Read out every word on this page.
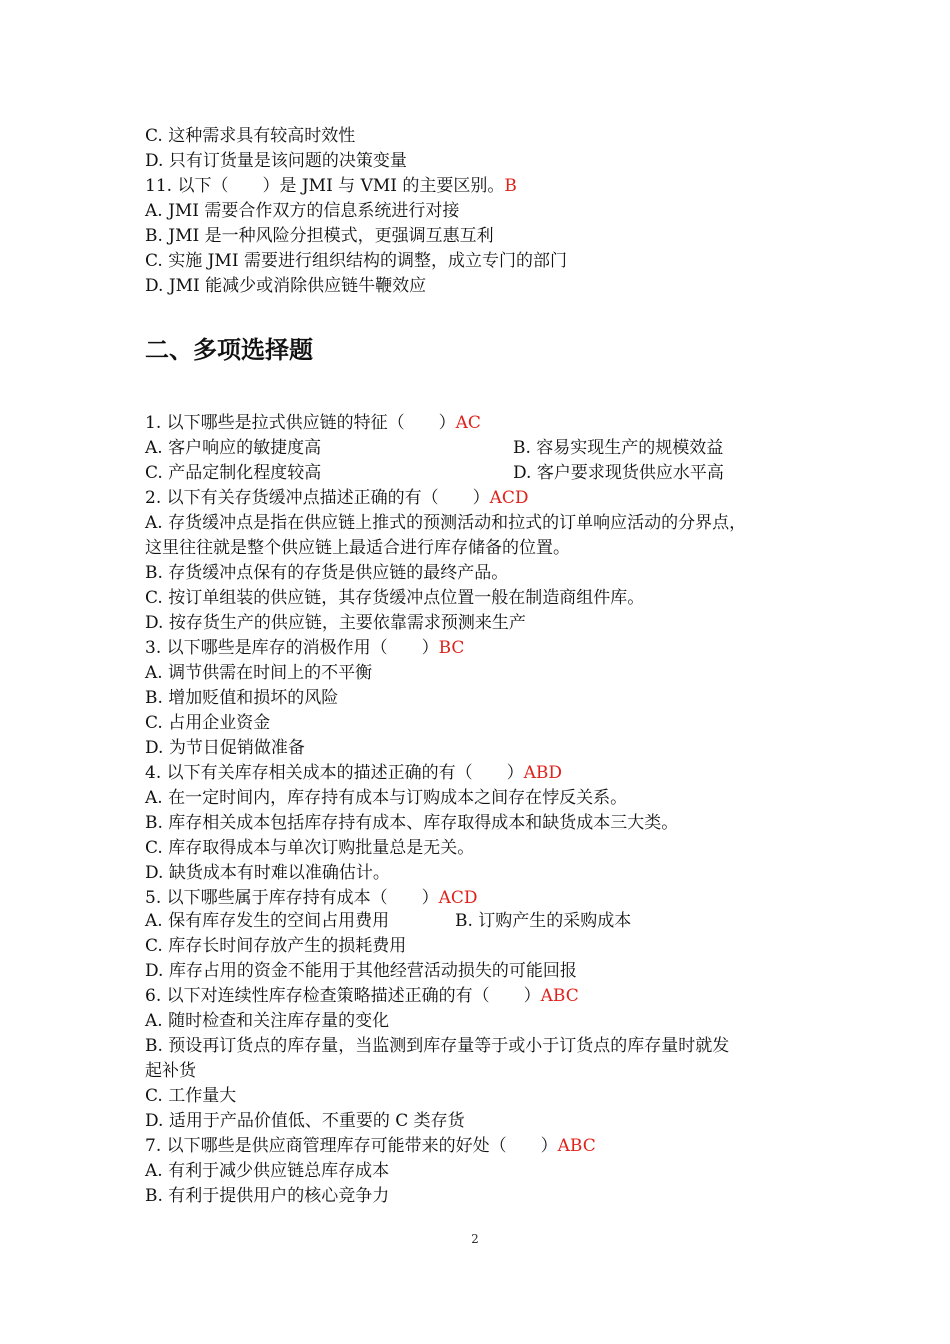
C. 这种需求具有较高时效性
D. 只有订货量是该问题的决策变量
11. 以下（　　）是 JMI 与 VMI 的主要区别。B
A. JMI 需要合作双方的信息系统进行对接
B. JMI 是一种风险分担模式，更强调互惠互利
C. 实施 JMI 需要进行组织结构的调整，成立专门的部门
D. JMI 能减少或消除供应链牛鞭效应
二、多项选择题
1. 以下哪些是拉式供应链的特征（　　）AC
A. 客户响应的敏捷度高	B. 容易实现生产的规模效益
C. 产品定制化程度较高	D. 客户要求现货供应水平高
2. 以下有关存货缓冲点描述正确的有（　　）ACD
A. 存货缓冲点是指在供应链上推式的预测活动和拉式的订单响应活动的分界点，
这里往往就是整个供应链上最适合进行库存储备的位置。
B. 存货缓冲点保有的存货是供应链的最终产品。
C. 按订单组装的供应链，其存货缓冲点位置一般在制造商组件库。
D. 按存货生产的供应链，主要依靠需求预测来生产
3. 以下哪些是库存的消极作用（　　）BC
A. 调节供需在时间上的不平衡
B. 增加贬值和损坏的风险
C. 占用企业资金
D. 为节日促销做准备
4. 以下有关库存相关成本的描述正确的有（　　）ABD
A. 在一定时间内，库存持有成本与订购成本之间存在悖反关系。
B. 库存相关成本包括库存持有成本、库存取得成本和缺货成本三大类。
C. 库存取得成本与单次订购批量总是无关。
D. 缺货成本有时难以准确估计。
5. 以下哪些属于库存持有成本（　　）ACD
A. 保有库存发生的空间占用费用	B. 订购产生的采购成本
C. 库存长时间存放产生的损耗费用
D. 库存占用的资金不能用于其他经营活动损失的可能回报
6. 以下对连续性库存检查策略描述正确的有（　　）ABC
A. 随时检查和关注库存量的变化
B. 预设再订货点的库存量，当监测到库存量等于或小于订货点的库存量时就发
起补货
C. 工作量大
D. 适用于产品价值低、不重要的 C 类存货
7. 以下哪些是供应商管理库存可能带来的好处（　　）ABC
A. 有利于减少供应链总库存成本
B. 有利于提供用户的核心竞争力
2
